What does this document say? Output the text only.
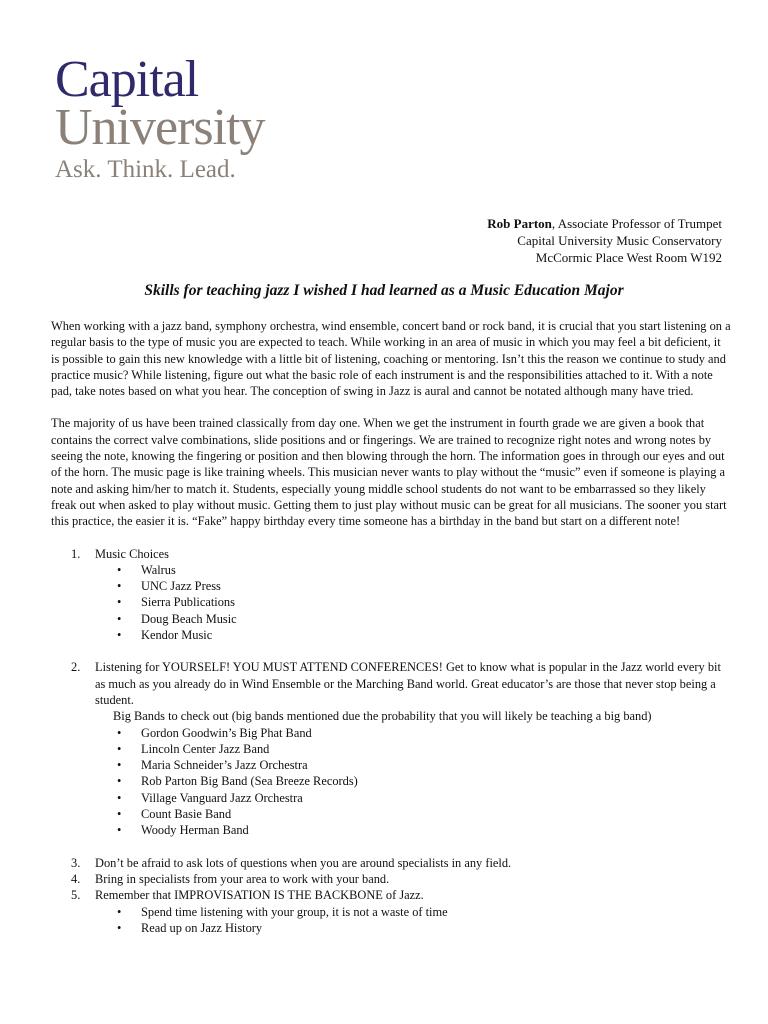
Capital
University
Ask. Think. Lead.
Rob Parton, Associate Professor of Trumpet
Capital University Music Conservatory
McCormic Place West Room W192
Skills for teaching jazz I wished I had learned as a Music Education Major

When working with a jazz band, symphony orchestra, wind ensemble, concert band or rock band, it is crucial that you start listening on a regular basis to the type of music you are expected to teach. While working in an area of music in which you may feel a bit deficient, it is possible to gain this new knowledge with a little bit of listening, coaching or mentoring. Isn’t this the reason we continue to study and practice music? While listening, figure out what the basic role of each instrument is and the responsibilities attached to it. With a note pad, take notes based on what you hear. The conception of swing in Jazz is aural and cannot be notated although many have tried.

The majority of us have been trained classically from day one. When we get the instrument in fourth grade we are given a book that contains the correct valve combinations, slide positions and or fingerings. We are trained to recognize right notes and wrong notes by seeing the note, knowing the fingering or position and then blowing through the horn. The information goes in through our eyes and out of the horn. The music page is like training wheels. This musician never wants to play without the “music” even if someone is playing a note and asking him/her to match it. Students, especially young middle school students do not want to be embarrassed so they likely freak out when asked to play without music. Getting them to just play without music can be great for all musicians. The sooner you start this practice, the easier it is. “Fake” happy birthday every time someone has a birthday in the band but start on a different note!

1. Music Choices
• Walrus
• UNC Jazz Press
• Sierra Publications
• Doug Beach Music
• Kendor Music
2. Listening for YOURSELF! YOU MUST ATTEND CONFERENCES! Get to know what is popular in the Jazz world every bit as much as you already do in Wind Ensemble or the Marching Band world. Great educator’s are those that never stop being a student.
Big Bands to check out (big bands mentioned due the probability that you will likely be teaching a big band)
• Gordon Goodwin’s Big Phat Band
• Lincoln Center Jazz Band
• Maria Schneider’s Jazz Orchestra
• Rob Parton Big Band (Sea Breeze Records)
• Village Vanguard Jazz Orchestra
• Count Basie Band
• Woody Herman Band
3. Don’t be afraid to ask lots of questions when you are around specialists in any field.
4. Bring in specialists from your area to work with your band.
5. Remember that IMPROVISATION IS THE BACKBONE of Jazz.
• Spend time listening with your group, it is not a waste of time
• Read up on Jazz History
